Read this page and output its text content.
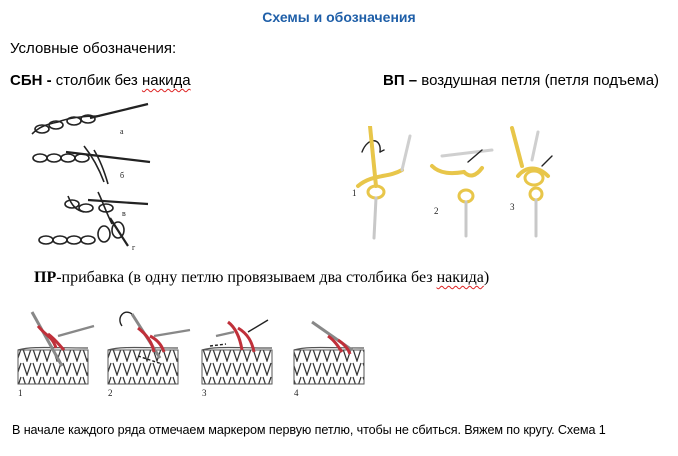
Схемы и обозначения
Условные обозначения:
СБН - столбик без накида	ВП – воздушная петля (петля подъема)
а
б
в
г
1
2	3
ПР-прибавка (в одну петлю провязываем два столбика без накида)
1	2	3	4
В начале каждого ряда отмечаем маркером первую петлю, чтобы не сбиться. Вяжем по кругу. Схема 1
